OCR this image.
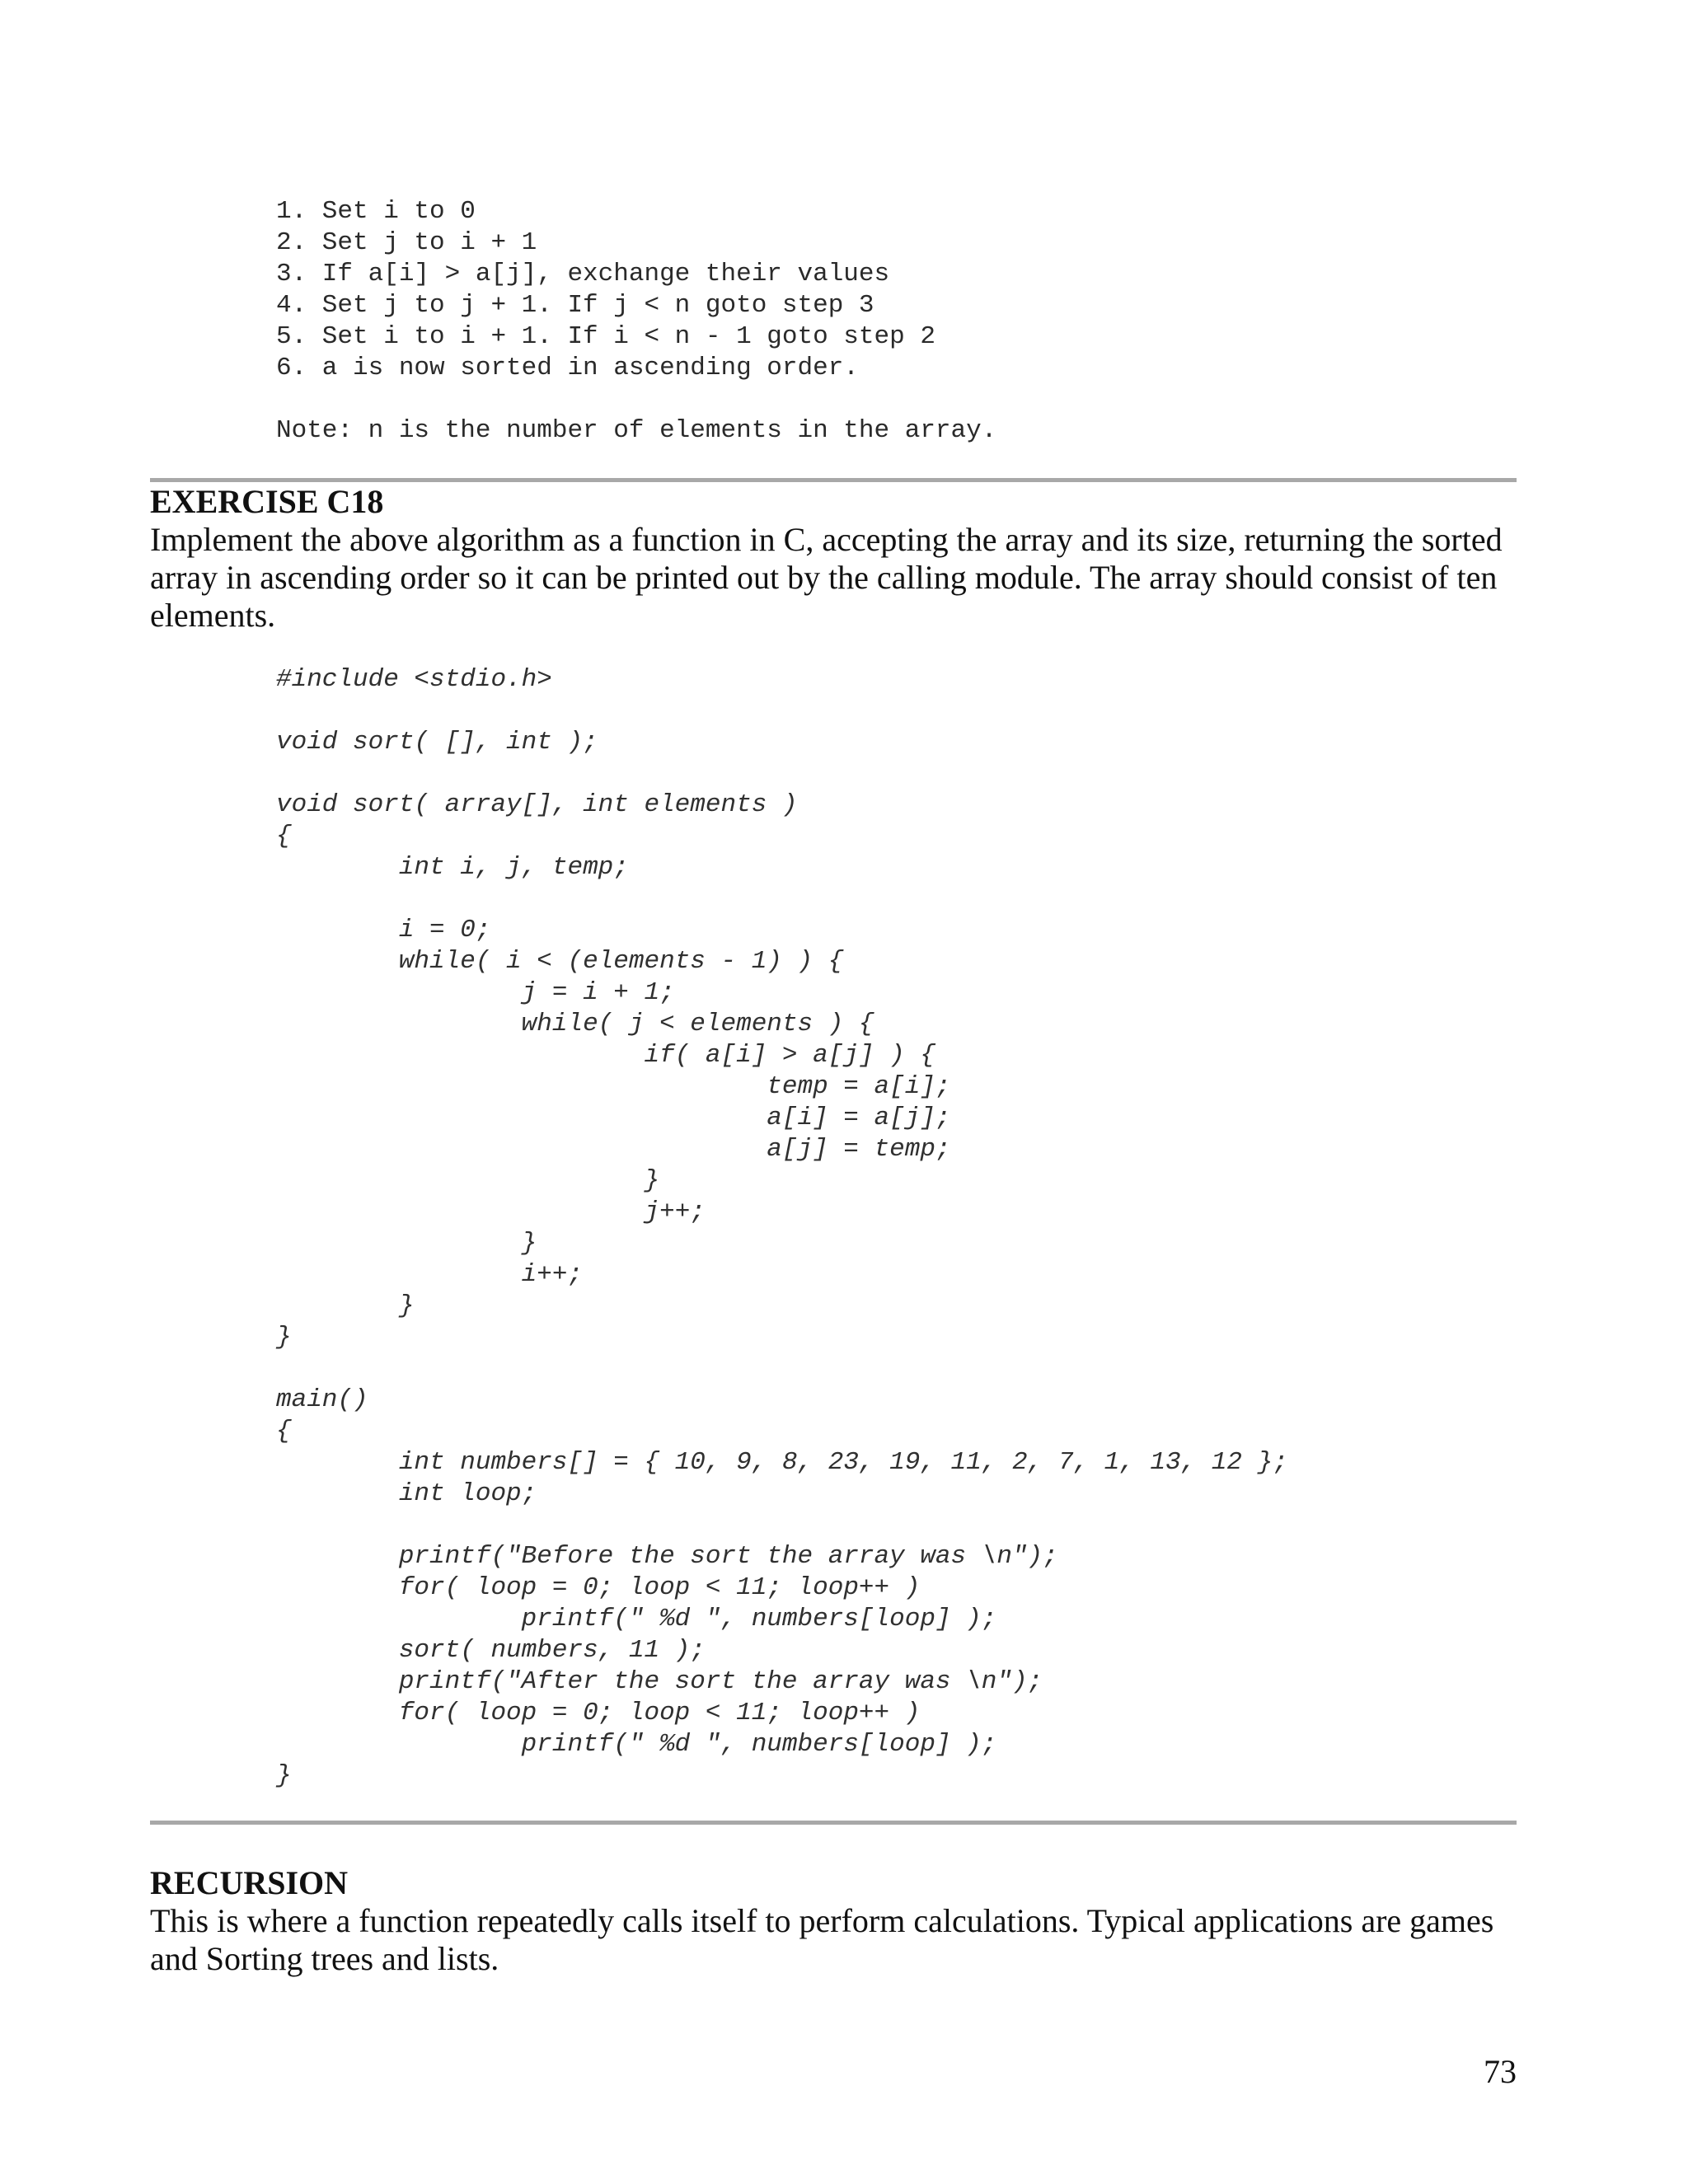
1. Set i to 0
2. Set j to i + 1
3. If a[i] > a[j], exchange their values
4. Set j to j + 1. If j < n goto step 3
5. Set i to i + 1. If i < n - 1 goto step 2
6. a is now sorted in ascending order.
Note: n is the number of elements in the array.
EXERCISE C18

Implement the above algorithm as a function in C, accepting the array and its size, returning the sorted array in ascending order so it can be printed out by the calling module. The array should consist of ten elements.

#include <stdio.h>
void sort( [], int );
void sort( array[], int elements )
{
	int i, j, temp;
	i = 0;
	while( i < (elements - 1) ) {
		j = i + 1;
		while( j < elements ) {
			if( a[i] > a[j] ) {
				temp = a[i];
				a[i] = a[j];
				a[j] = temp;
			}
			j++;
		}
		i++;
	}
}
main()
{
	int numbers[] = { 10, 9, 8, 23, 19, 11, 2, 7, 1, 13, 12 };
	int loop;
	printf("Before the sort the array was \n");
	for( loop = 0; loop < 11; loop++ )
		printf(" %d ", numbers[loop] );
	sort( numbers, 11 );
	printf("After the sort the array was \n");
	for( loop = 0; loop < 11; loop++ )
		printf(" %d ", numbers[loop] );
}
RECURSION

This is where a function repeatedly calls itself to perform calculations. Typical applications are games and Sorting trees and lists.

73
